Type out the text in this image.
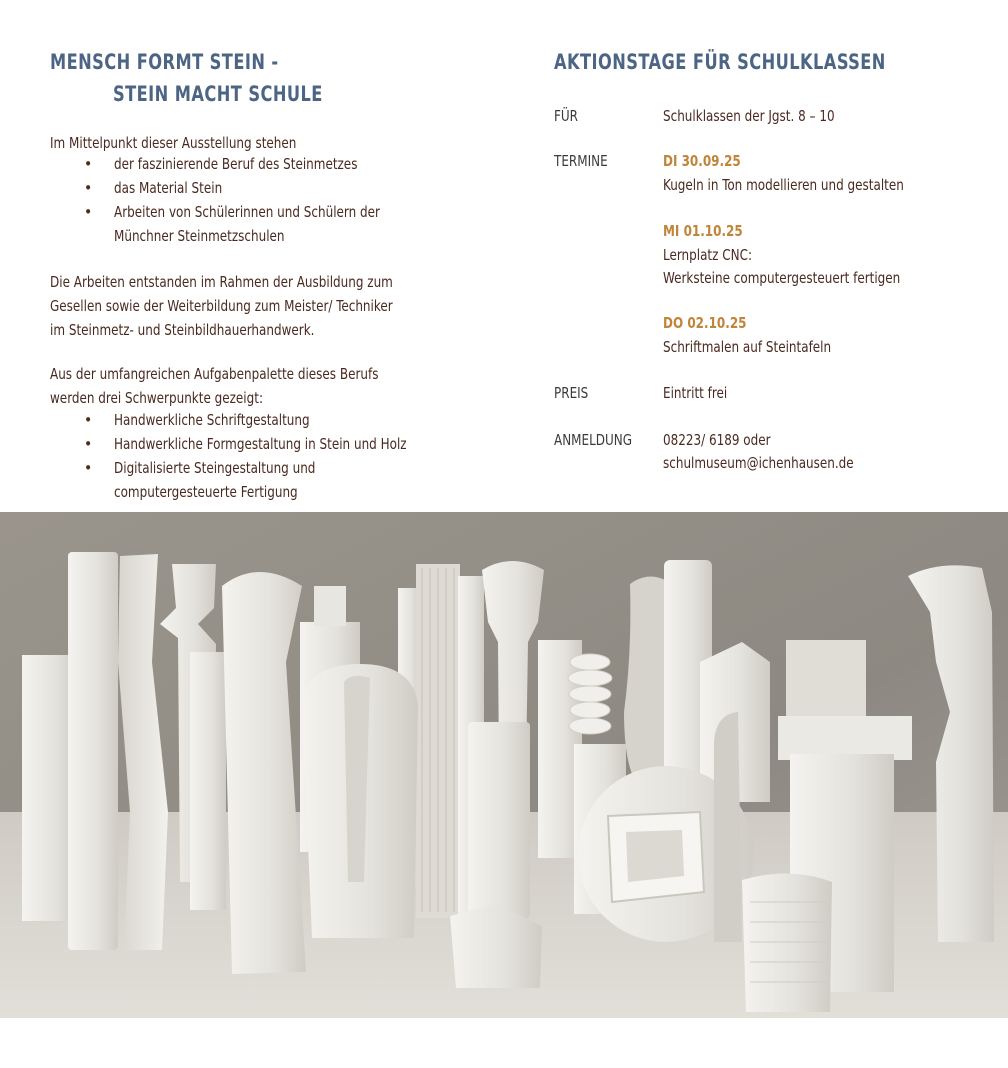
MENSCH FORMT STEIN -
STEIN MACHT SCHULE

Im Mittelpunkt dieser Ausstellung stehen

• der faszinierende Beruf des Steinmetzes
• das Material Stein
• Arbeiten von Schülerinnen und Schülern der
Münchner Steinmetzschulen

Die Arbeiten entstanden im Rahmen der Ausbildung zum
Gesellen sowie der Weiterbildung zum Meister/ Techniker
im Steinmetz- und Steinbildhauerhandwerk.

Aus der umfangreichen Aufgabenpalette dieses Berufs
werden drei Schwerpunkte gezeigt:

• Handwerkliche Schriftgestaltung
• Handwerkliche Formgestaltung in Stein und Holz
• Digitalisierte Steingestaltung und
computergesteuerte Fertigung
AKTIONSTAGE FÜR SCHULKLASSEN
FÜR	Schulklassen der Jgst. 8 – 10
TERMINE	DI 30.09.25
Kugeln in Ton modellieren und gestalten
MI 01.10.25
Lernplatz CNC:
Werksteine computergesteuert fertigen
DO 02.10.25
Schriftmalen auf Steintafeln
PREIS	Eintritt frei
ANMELDUNG 08223/ 6189 oder
schulmuseum@ichenhausen.de
